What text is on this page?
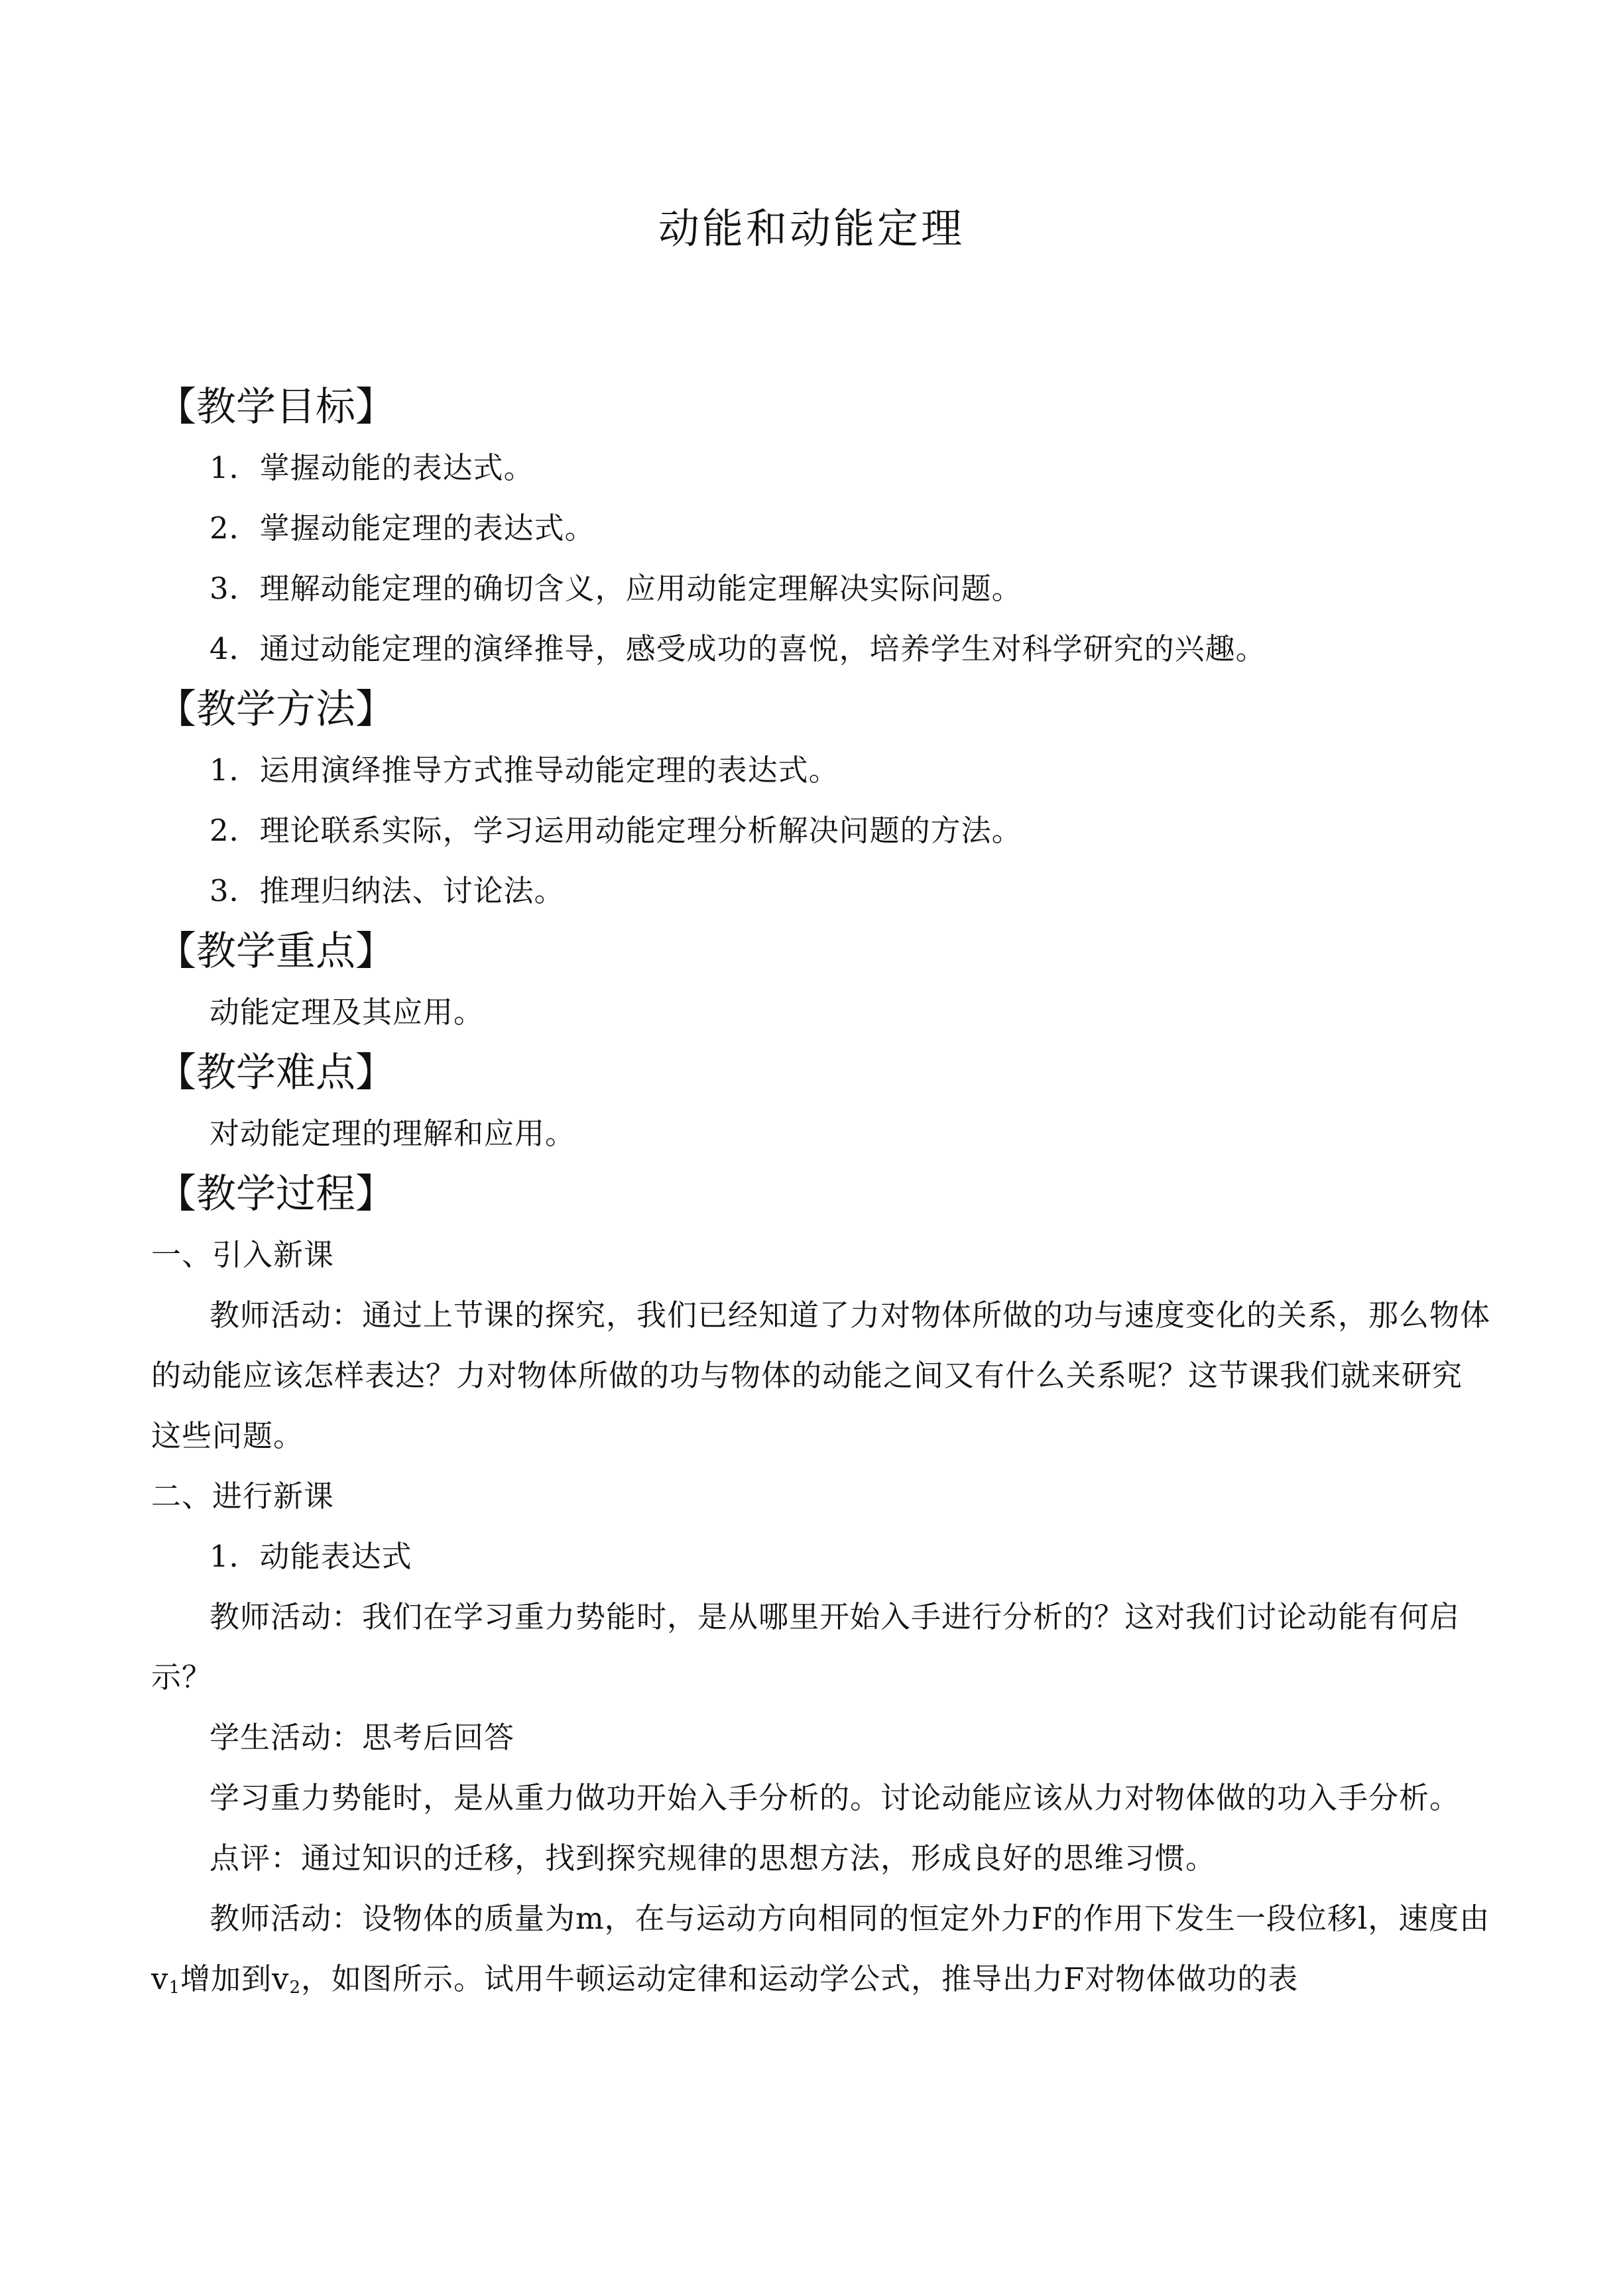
动能和动能定理
【教学目标】
1．掌握动能的表达式。
2．掌握动能定理的表达式。
3．理解动能定理的确切含义，应用动能定理解决实际问题。
4．通过动能定理的演绎推导，感受成功的喜悦，培养学生对科学研究的兴趣。
【教学方法】
1．运用演绎推导方式推导动能定理的表达式。
2．理论联系实际，学习运用动能定理分析解决问题的方法。
3．推理归纳法、讨论法。
【教学重点】
动能定理及其应用。
【教学难点】
对动能定理的理解和应用。
【教学过程】
一、引入新课
教师活动：通过上节课的探究，我们已经知道了力对物体所做的功与速度变化的关系，那么物体的动能应该怎样表达？力对物体所做的功与物体的动能之间又有什么关系呢？这节课我们就来研究这些问题。
二、进行新课
1．动能表达式
教师活动：我们在学习重力势能时，是从哪里开始入手进行分析的？这对我们讨论动能有何启示？
学生活动：思考后回答
学习重力势能时，是从重力做功开始入手分析的。讨论动能应该从力对物体做的功入手分析。
点评：通过知识的迁移，找到探究规律的思想方法，形成良好的思维习惯。
教师活动：设物体的质量为m，在与运动方向相同的恒定外力F的作用下发生一段位移l，速度由$v_1$增加到$v_2$，如图所示。试用牛顿运动定律和运动学公式，推导出力F对物体做功的表
